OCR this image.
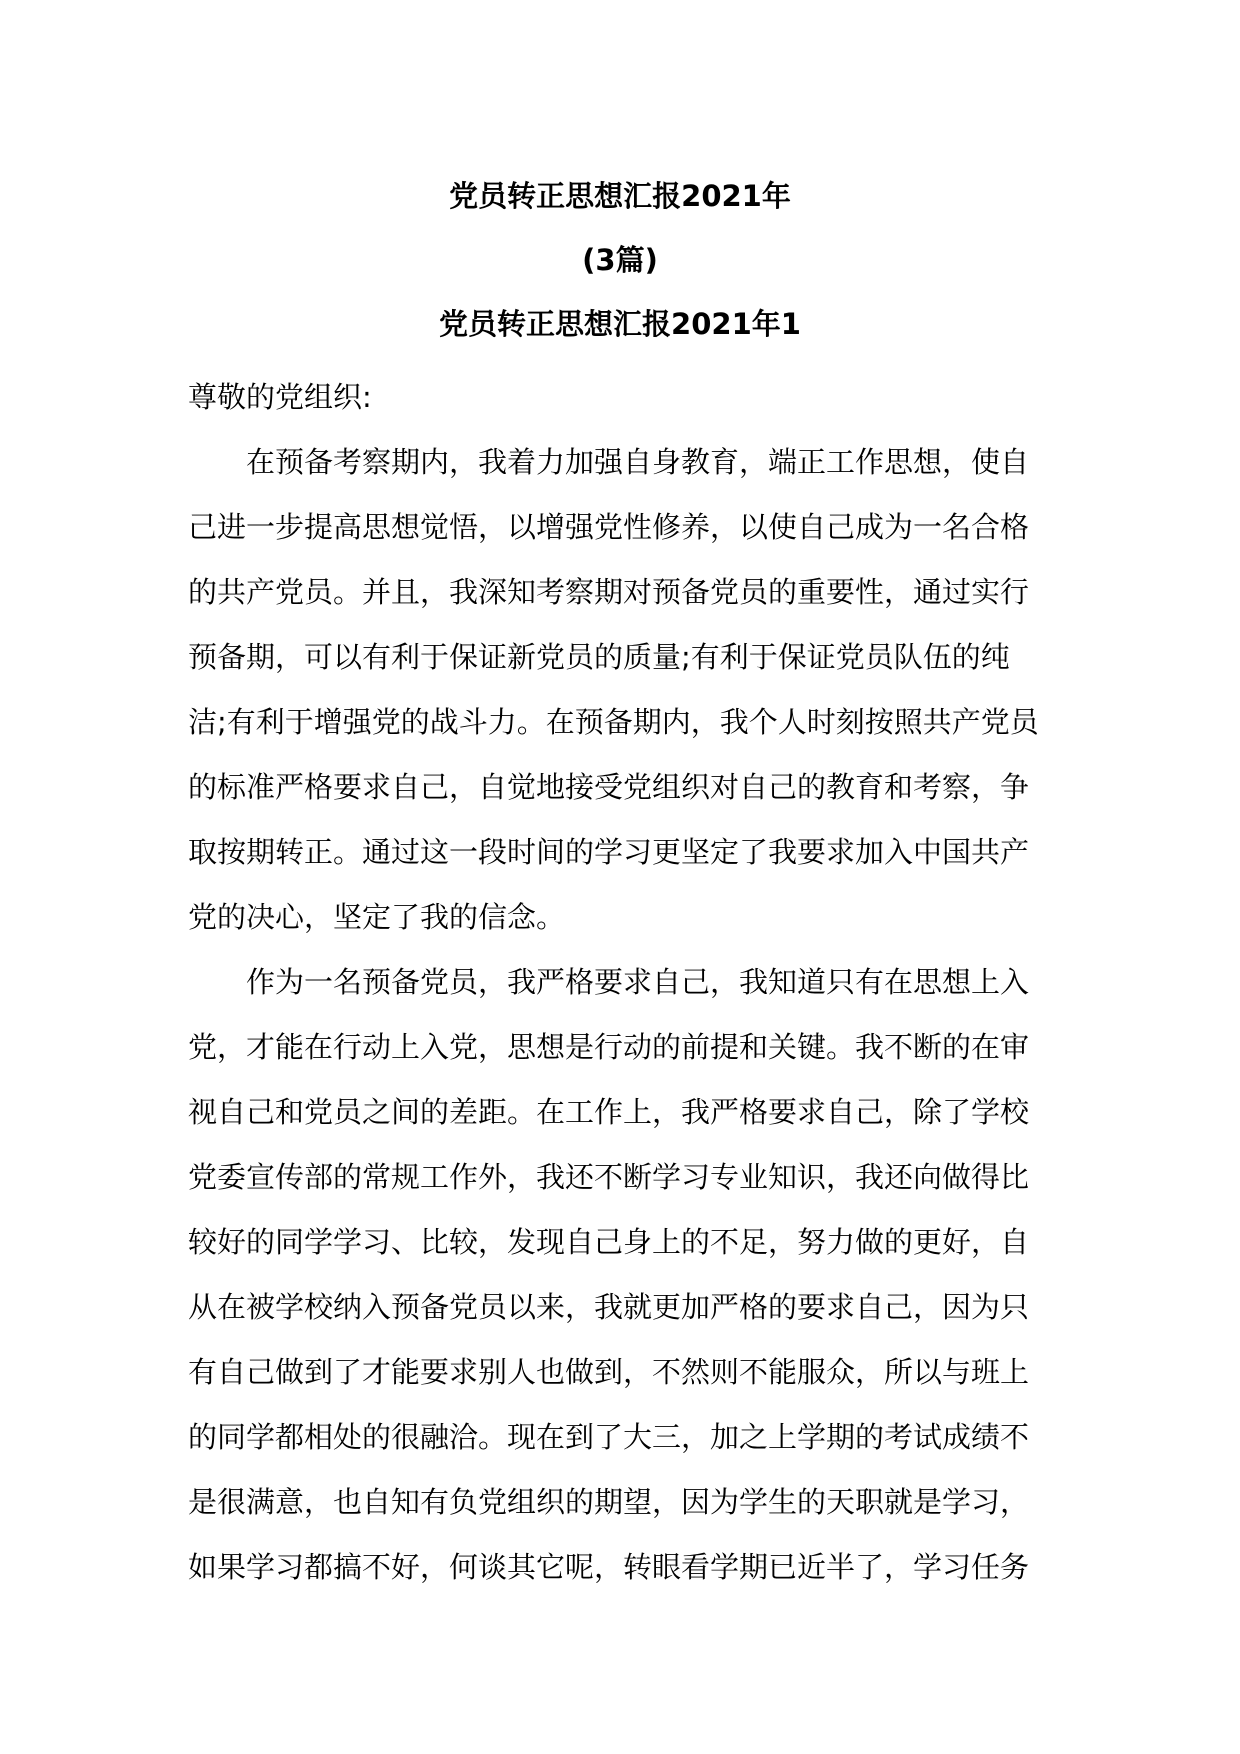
党员转正思想汇报2021年
(3篇)
党员转正思想汇报2021年1
尊敬的党组织:
　　在预备考察期内，我着力加强自身教育，端正工作思想，使自
己进一步提高思想觉悟，以增强党性修养，以使自己成为一名合格
的共产党员。并且，我深知考察期对预备党员的重要性，通过实行
预备期，可以有利于保证新党员的质量;有利于保证党员队伍的纯
洁;有利于增强党的战斗力。在预备期内，我个人时刻按照共产党员
的标准严格要求自己，自觉地接受党组织对自己的教育和考察，争
取按期转正。通过这一段时间的学习更坚定了我要求加入中国共产
党的决心，坚定了我的信念。
　　作为一名预备党员，我严格要求自己，我知道只有在思想上入
党，才能在行动上入党，思想是行动的前提和关键。我不断的在审
视自己和党员之间的差距。在工作上，我严格要求自己，除了学校
党委宣传部的常规工作外，我还不断学习专业知识，我还向做得比
较好的同学学习、比较，发现自己身上的不足，努力做的更好，自
从在被学校纳入预备党员以来，我就更加严格的要求自己，因为只
有自己做到了才能要求别人也做到，不然则不能服众，所以与班上
的同学都相处的很融洽。现在到了大三，加之上学期的考试成绩不
是很满意，也自知有负党组织的期望，因为学生的天职就是学习，
如果学习都搞不好，何谈其它呢，转眼看学期已近半了，学习任务
